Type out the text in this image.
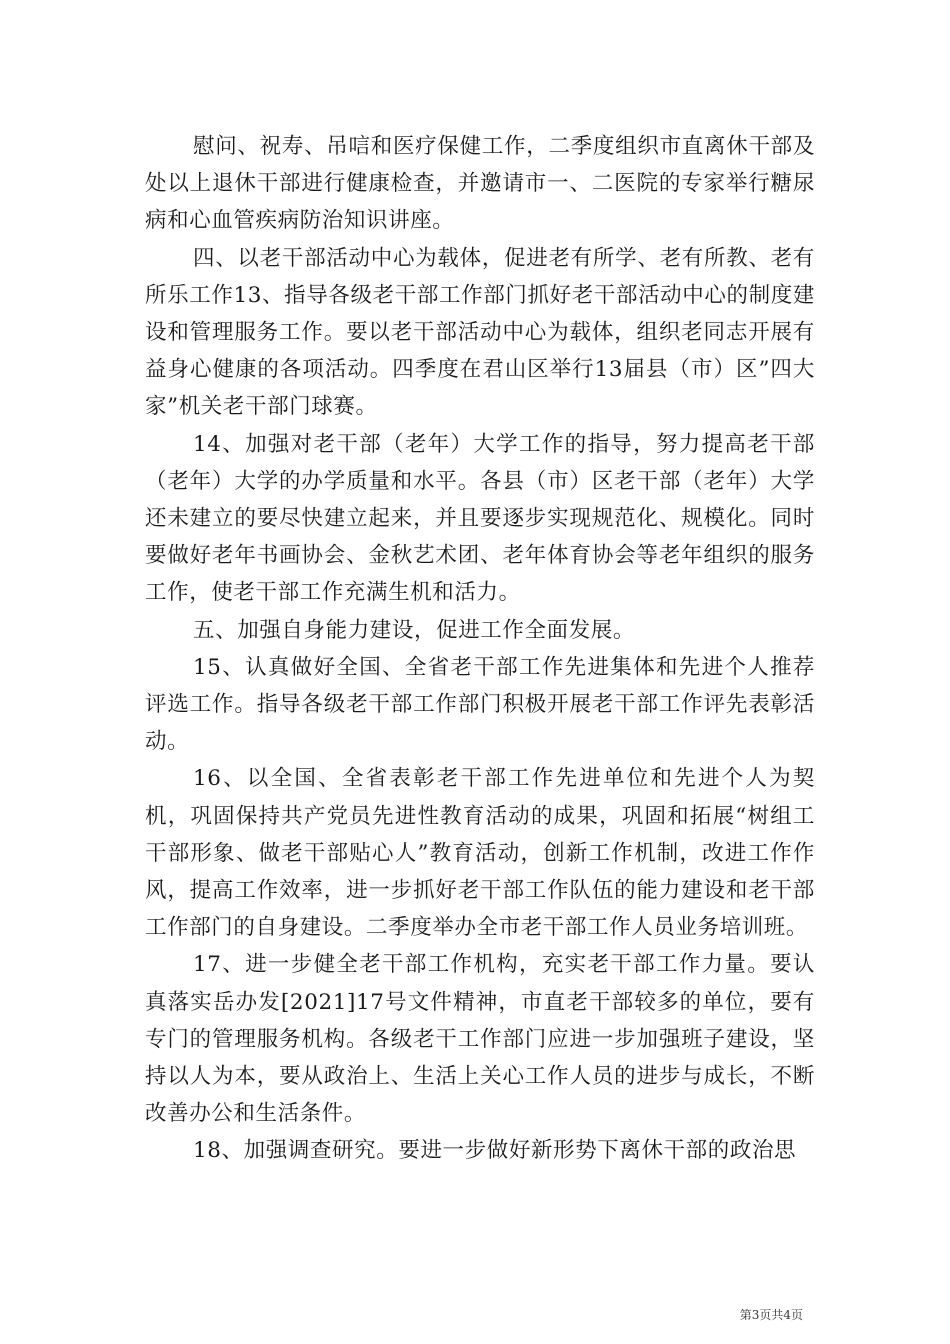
慰问、祝寿、吊唁和医疗保健工作，二季度组织市直离休干部及处以上退休干部进行健康检查，并邀请市一、二医院的专家举行糖尿病和心血管疾病防治知识讲座。

四、以老干部活动中心为载体，促进老有所学、老有所教、老有所乐工作13、指导各级老干部工作部门抓好老干部活动中心的制度建设和管理服务工作。要以老干部活动中心为载体，组织老同志开展有益身心健康的各项活动。四季度在君山区举行13届县（市）区”四大家”机关老干部门球赛。

14、加强对老干部（老年）大学工作的指导，努力提高老干部（老年）大学的办学质量和水平。各县（市）区老干部（老年）大学还未建立的要尽快建立起来，并且要逐步实现规范化、规模化。同时要做好老年书画协会、金秋艺术团、老年体育协会等老年组织的服务工作，使老干部工作充满生机和活力。

五、加强自身能力建设，促进工作全面发展。

15、认真做好全国、全省老干部工作先进集体和先进个人推荐评选工作。指导各级老干部工作部门积极开展老干部工作评先表彰活动。

16、以全国、全省表彰老干部工作先进单位和先进个人为契机，巩固保持共产党员先进性教育活动的成果，巩固和拓展“树组工干部形象、做老干部贴心人”教育活动，创新工作机制，改进工作作风，提高工作效率，进一步抓好老干部工作队伍的能力建设和老干部工作部门的自身建设。二季度举办全市老干部工作人员业务培训班。

17、进一步健全老干部工作机构，充实老干部工作力量。要认真落实岳办发[2021]17号文件精神，市直老干部较多的单位，要有专门的管理服务机构。各级老干工作部门应进一步加强班子建设，坚持以人为本，要从政治上、生活上关心工作人员的进步与成长，不断改善办公和生活条件。

18、加强调查研究。要进一步做好新形势下离休干部的政治思

第3页共4页
